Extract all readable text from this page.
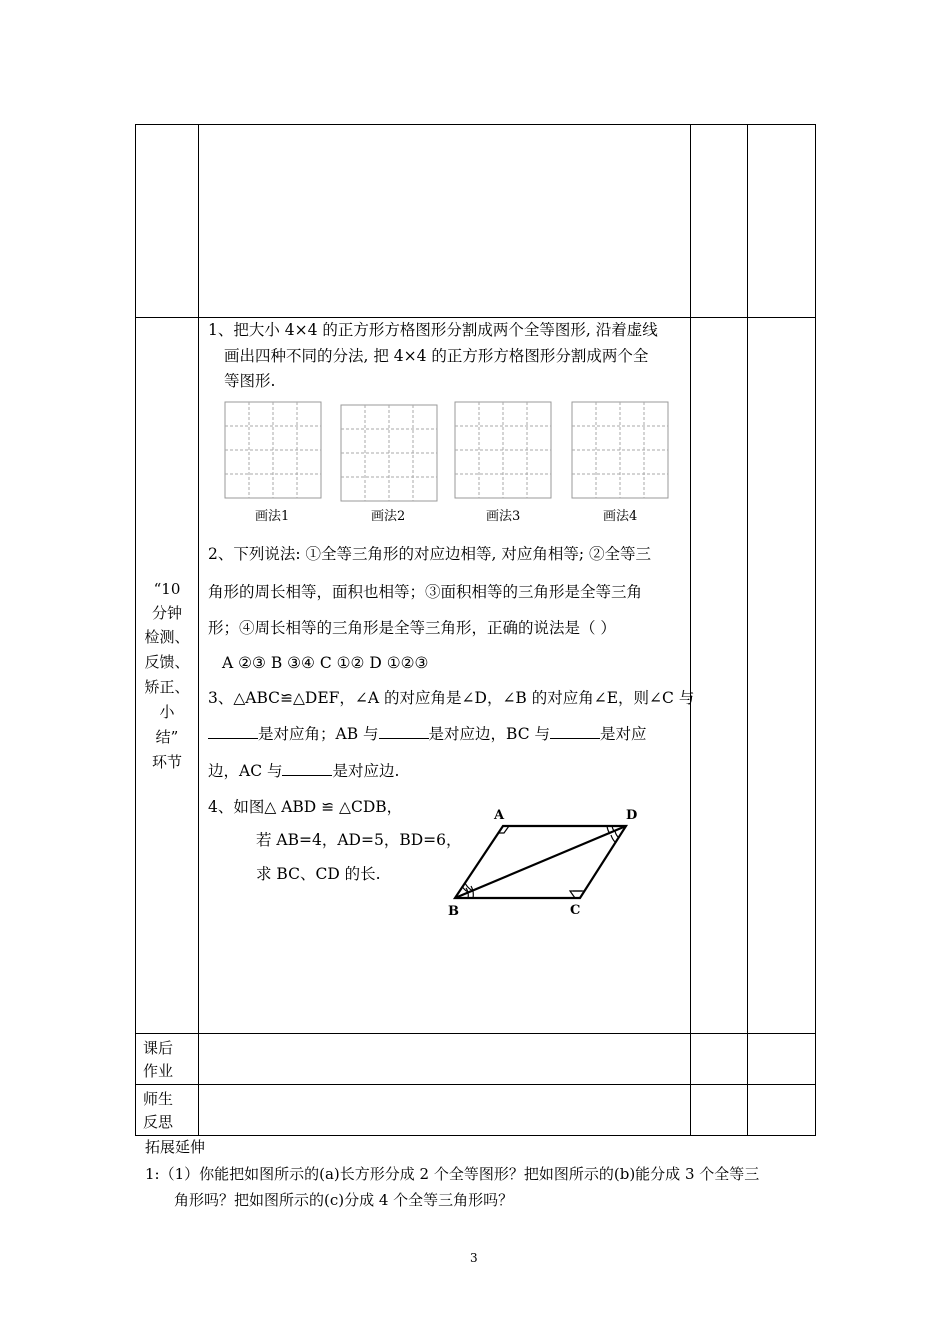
“10
分钟
检测、
反馈、
矫正、
小
结”
环节
1、把大小 4×4 的正方形方格图形分割成两个全等图形, 沿着虚线
画出四种不同的分法, 把 4×4 的正方形方格图形分割成两个全
等图形.
画法1	画法2	画法3	画法4
2、下列说法: ①全等三角形的对应边相等, 对应角相等; ②全等三
角形的周长相等，面积也相等；③面积相等的三角形是全等三角
形；④周长相等的三角形是全等三角形，正确的说法是（ ）
A ②③ B ③④ C ①② D ①②③
3、△ABC≌△DEF，∠A 的对应角是∠D，∠B 的对应角∠E，则∠C 与
是对应角；AB 与	是对应边，BC 与	是对应
边，AC 与	是对应边.
4、如图△ ABD ≌ △CDB，
若 AB=4，AD=5，BD=6，
求 BC、CD 的长.
A	D
B	C
课后
作业
师生
反思
拓展延伸
1:（1）你能把如图所示的(a)长方形分成 2 个全等图形？把如图所示的(b)能分成 3 个全等三
角形吗？把如图所示的(c)分成 4 个全等三角形吗？
3
